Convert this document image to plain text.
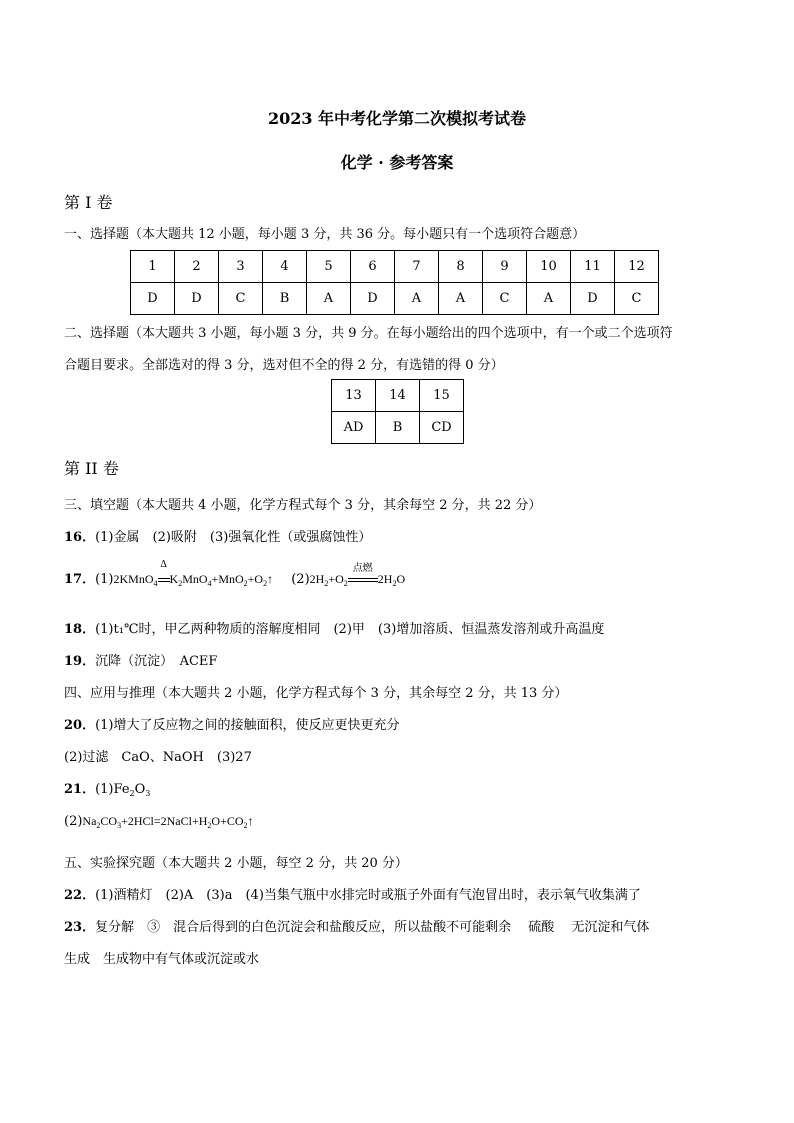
2023 年中考化学第二次模拟考试卷
化学 · 参考答案
第 I 卷
一、选择题（本大题共 12 小题，每小题 3 分，共 36 分。每小题只有一个选项符合题意）
1	2	3	4	5	6	7	8	9	10	11	12
D	D	C	B	A	D	A	A	C	A	D	C
二、选择题（本大题共 3 小题，每小题 3 分，共 9 分。在每小题给出的四个选项中，有一个或二个选项符
合题目要求。全部选对的得 3 分，选对但不全的得 2 分，有选错的得 0 分）
13	14	15
AD	B	CD
第 II 卷
三、填空题（本大题共 4 小题，化学方程式每个 3 分，其余每空 2 分，共 22 分）
16．(1)金属　(2)吸附　(3)强氧化性（或强腐蚀性）
17．(1)2KMnO$_4$
Δ
$K_2MnO_4+MnO_2+O_2↑$ $(2)2H_2+O_2$
点燃
$2H_2O$
18．(1)t₁℃时，甲乙两种物质的溶解度相同　(2)甲　(3)增加溶质、恒温蒸发溶剂或升高温度
19．沉降（沉淀）　ACEF
四、应用与推理（本大题共 2 小题，化学方程式每个 3 分，其余每空 2 分，共 13 分）
20．(1)增大了反应物之间的接触面积，使反应更快更充分
(2)过滤　CaO、NaOH　(3)27
21．$(1)Fe_2O_3$
$(2)Na_2CO_3+2HCl=2NaCl+H_2O+CO_2↑$
五、实验探究题（本大题共 2 小题，每空 2 分，共 20 分）
22．(1)酒精灯　(2)A　(3)a　(4)当集气瓶中水排完时或瓶子外面有气泡冒出时，表示氧气收集满了
23．复分解　③　混合后得到的白色沉淀会和盐酸反应，所以盐酸不可能剩余　 硫酸　 无沉淀和气体
生成　生成物中有气体或沉淀或水
